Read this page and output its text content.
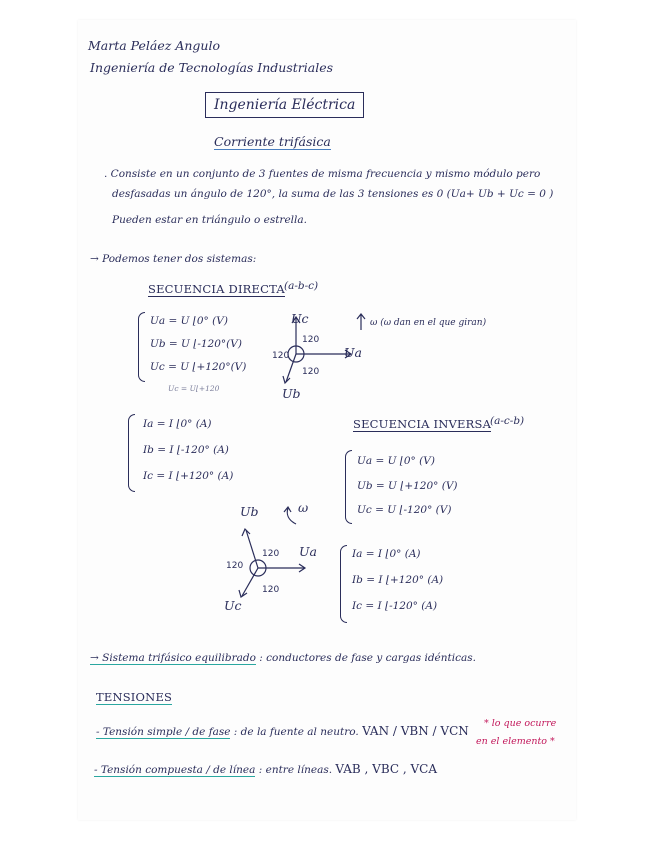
Marta Peláez Angulo
Ingeniería de Tecnologías Industriales
Ingeniería Eléctrica
Corriente trifásica
. Consiste en un conjunto de 3 fuentes de misma frecuencia y mismo módulo pero
desfasadas un ángulo de 120°, la suma de las 3 tensiones es 0 (Ua+ Ub + Uc = 0 )
Pueden estar en triángulo o estrella.
→ Podemos tener dos sistemas:
SECUENCIA DIRECTA (a-b-c)
Ua = U ⌊0° (V)
Ub = U ⌊-120°(V)
Uc = U ⌊+120°(V)
Uc = U⌊+120
120
120
120
Uc
Ua
Ub
ω (ω dan en el que giran)
Ia = I ⌊0° (A)
Ib = I ⌊-120° (A)
Ic = I ⌊+120° (A)
SECUENCIA INVERSA
(a-c-b)
Ua = U ⌊0° (V)
Ub = U ⌊+120° (V)
Uc = U ⌊-120° (V)
120
120
120
Ub
Ua
Uc
ω
Ia = I ⌊0° (A)
Ib = I ⌊+120° (A)
Ic = I ⌊-120° (A)
→ Sistema trifásico equilibrado : conductores de fase y cargas idénticas.
TENSIONES
- Tensión simple / de fase : de la fuente al neutro. VAN / VBN / VCN
* lo que ocurre
en el elemento *
- Tensión compuesta / de línea : entre líneas. VAB , VBC , VCA
